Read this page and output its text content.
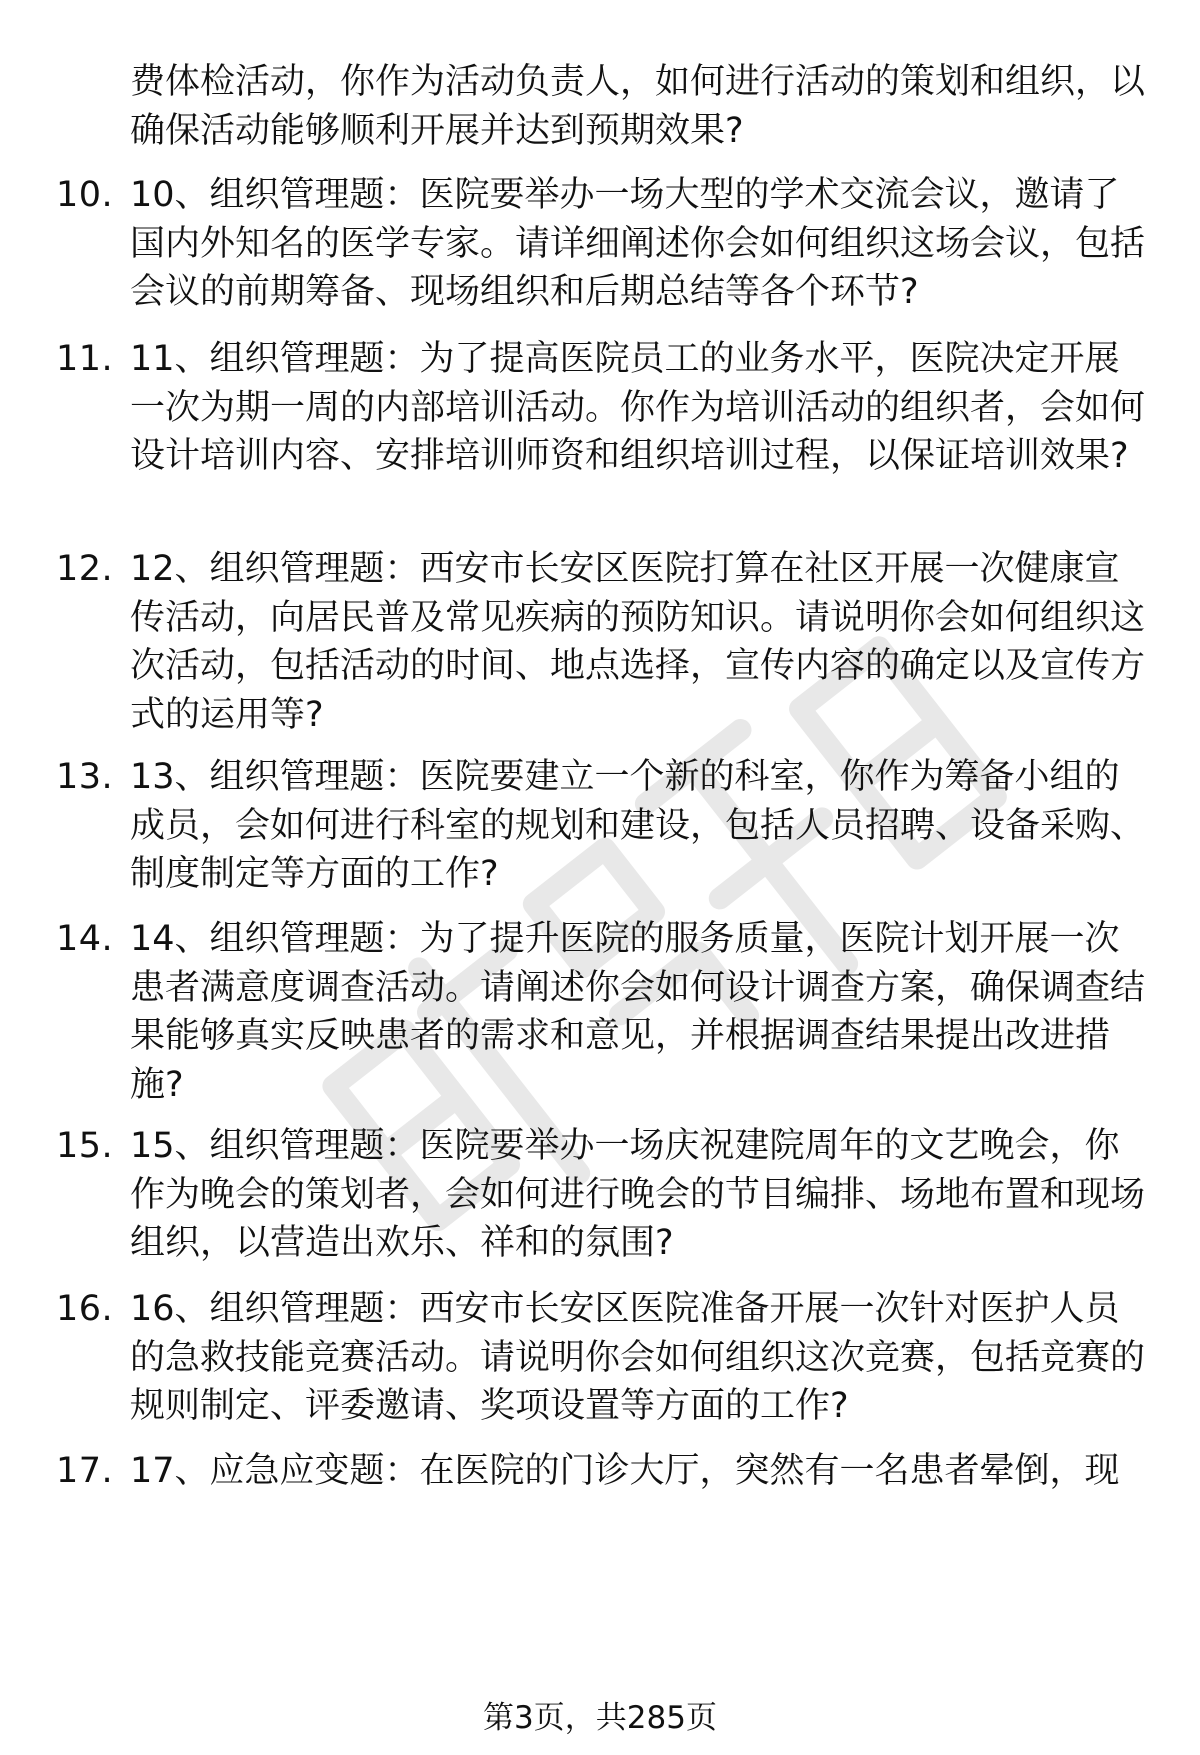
费体检活动，你作为活动负责人，如何进行活动的策划和组织，以确保活动能够顺利开展并达到预期效果?
10. 10、组织管理题：医院要举办一场大型的学术交流会议，邀请了国内外知名的医学专家。请详细阐述你会如何组织这场会议，包括会议的前期筹备、现场组织和后期总结等各个环节?
11. 11、组织管理题：为了提高医院员工的业务水平，医院决定开展一次为期一周的内部培训活动。你作为培训活动的组织者，会如何设计培训内容、安排培训师资和组织培训过程，以保证培训效果?
12. 12、组织管理题：西安市长安区医院打算在社区开展一次健康宣传活动，向居民普及常见疾病的预防知识。请说明你会如何组织这次活动，包括活动的时间、地点选择，宣传内容的确定以及宣传方式的运用等?
13. 13、组织管理题：医院要建立一个新的科室，你作为筹备小组的成员，会如何进行科室的规划和建设，包括人员招聘、设备采购、制度制定等方面的工作?
14. 14、组织管理题：为了提升医院的服务质量，医院计划开展一次患者满意度调查活动。请阐述你会如何设计调查方案，确保调查结果能够真实反映患者的需求和意见，并根据调查结果提出改进措施?
15. 15、组织管理题：医院要举办一场庆祝建院周年的文艺晚会，你作为晚会的策划者，会如何进行晚会的节目编排、场地布置和现场组织，以营造出欢乐、祥和的氛围?
16. 16、组织管理题：西安市长安区医院准备开展一次针对医护人员的急救技能竞赛活动。请说明你会如何组织这次竞赛，包括竞赛的规则制定、评委邀请、奖项设置等方面的工作?
17. 17、应急应变题：在医院的门诊大厅，突然有一名患者晕倒，现
第3页，共285页
